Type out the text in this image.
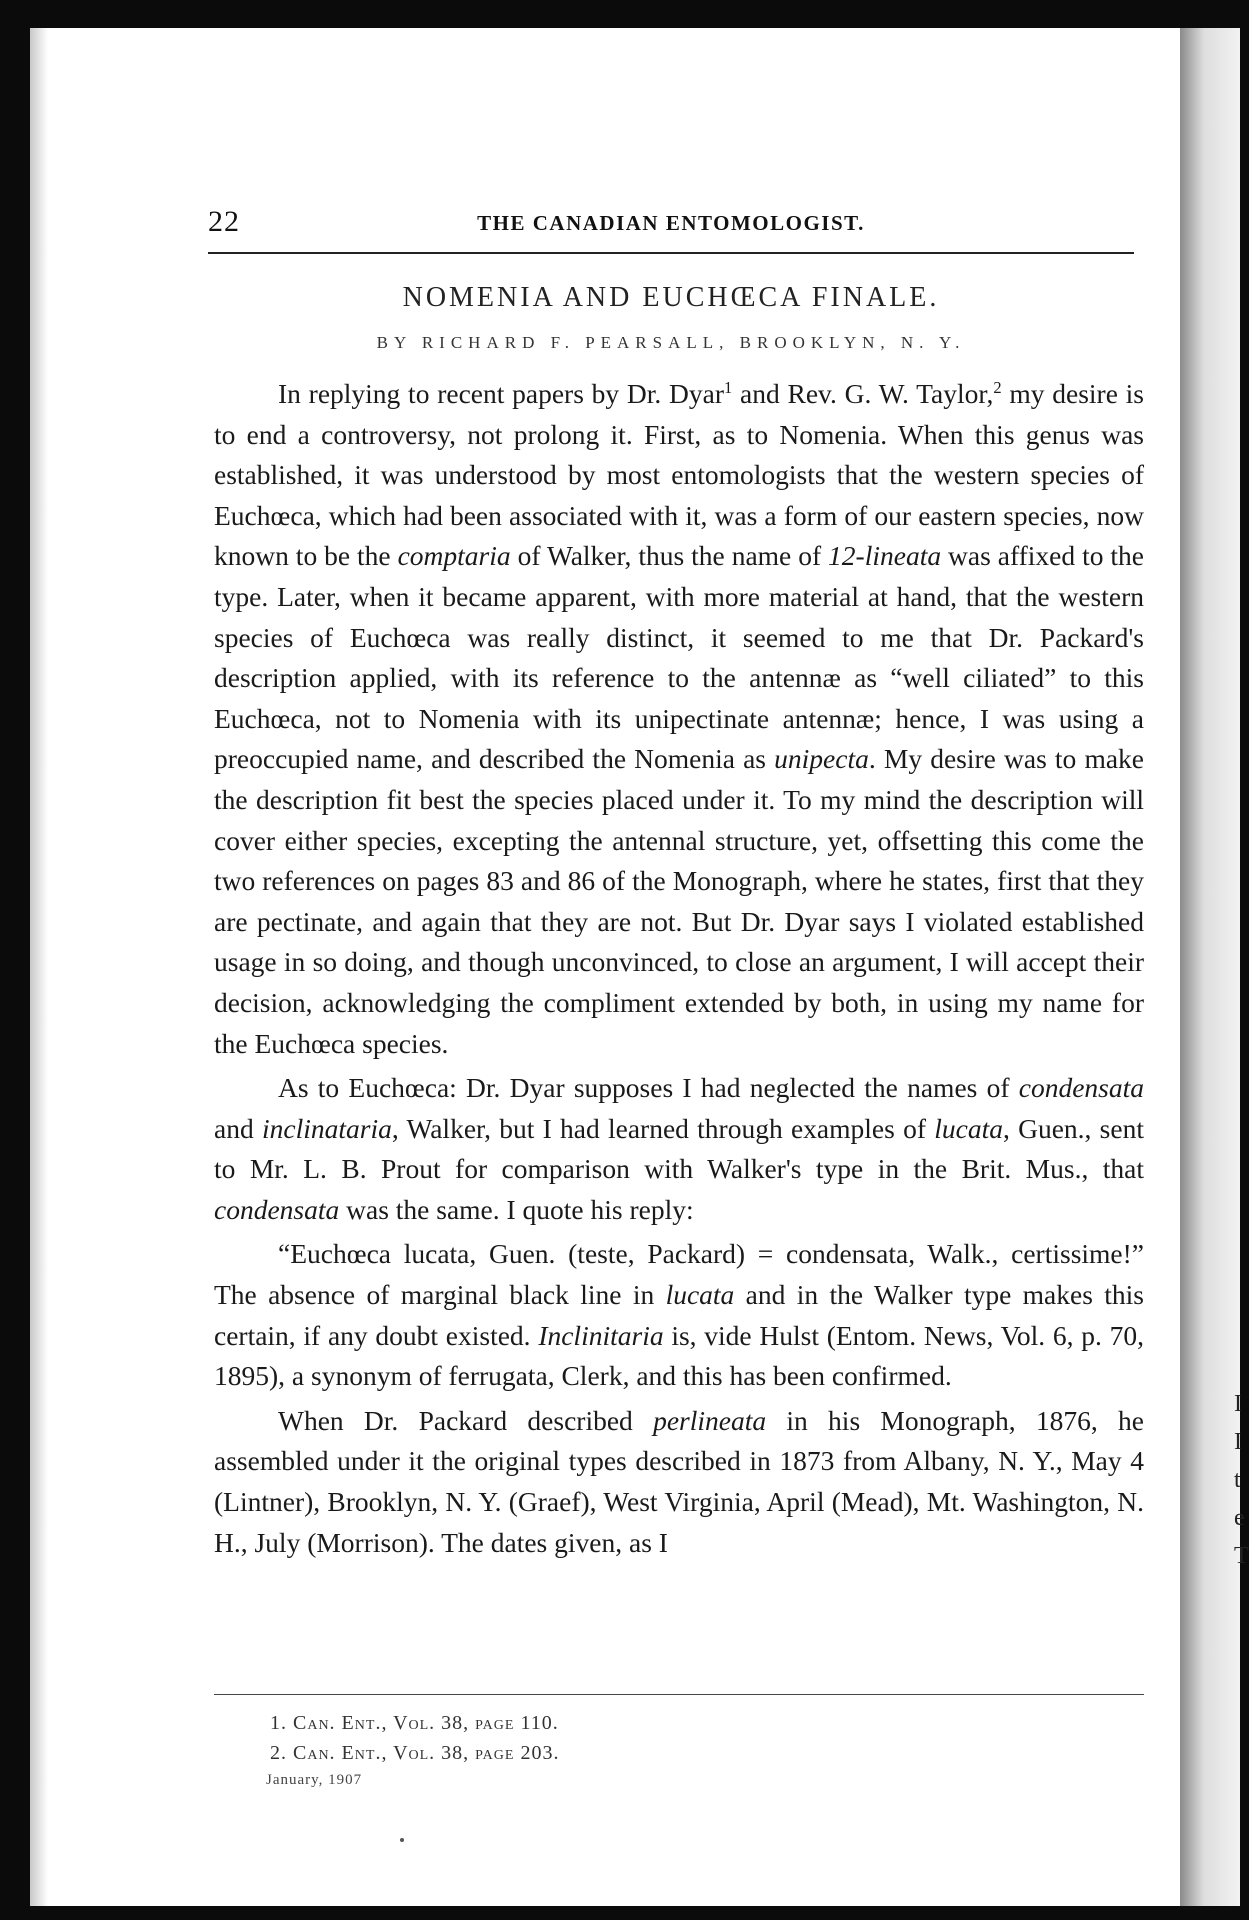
I
I
t
e
T
22	THE CANADIAN ENTOMOLOGIST.
NOMENIA AND EUCHŒCA FINALE.
BY RICHARD F. PEARSALL, BROOKLYN, N. Y.

In replying to recent papers by Dr. Dyar$^1$ and Rev. G. W. Taylor,$^2$ my desire is to end a controversy, not prolong it. First, as to Nomenia. When this genus was established, it was understood by most entomologists that the western species of Euchœca, which had been associated with it, was a form of our eastern species, now known to be the comptaria of Walker, thus the name of 12-lineata was affixed to the type. Later, when it became apparent, with more material at hand, that the western species of Euchœca was really distinct, it seemed to me that Dr. Packard's description applied, with its reference to the antennæ as “well ciliated” to this Euchœca, not to Nomenia with its unipectinate antennæ; hence, I was using a preoccupied name, and described the Nomenia as unipecta. My desire was to make the description fit best the species placed under it. To my mind the description will cover either species, excepting the antennal structure, yet, offsetting this come the two references on pages 83 and 86 of the Monograph, where he states, first that they are pectinate, and again that they are not. But Dr. Dyar says I violated established usage in so doing, and though unconvinced, to close an argument, I will accept their decision, acknowledging the compliment extended by both, in using my name for the Euchœca species.

As to Euchœca: Dr. Dyar supposes I had neglected the names of condensata and inclinataria, Walker, but I had learned through examples of lucata, Guen., sent to Mr. L. B. Prout for comparison with Walker's type in the Brit. Mus., that condensata was the same. I quote his reply:

“Euchœca lucata, Guen. (teste, Packard) = condensata, Walk., certissime!” The absence of marginal black line in lucata and in the Walker type makes this certain, if any doubt existed. Inclinitaria is, vide Hulst (Entom. News, Vol. 6, p. 70, 1895), a synonym of ferrugata, Clerk, and this has been confirmed.

When Dr. Packard described perlineata in his Monograph, 1876, he assembled under it the original types described in 1873 from Albany, N. Y., May 4 (Lintner), Brooklyn, N. Y. (Graef), West Virginia, April (Mead), Mt. Washington, N. H., July (Morrison). The dates given, as I

1. Can. Ent., Vol. 38, page 110.
2. Can. Ent., Vol. 38, page 203.
January, 1907
